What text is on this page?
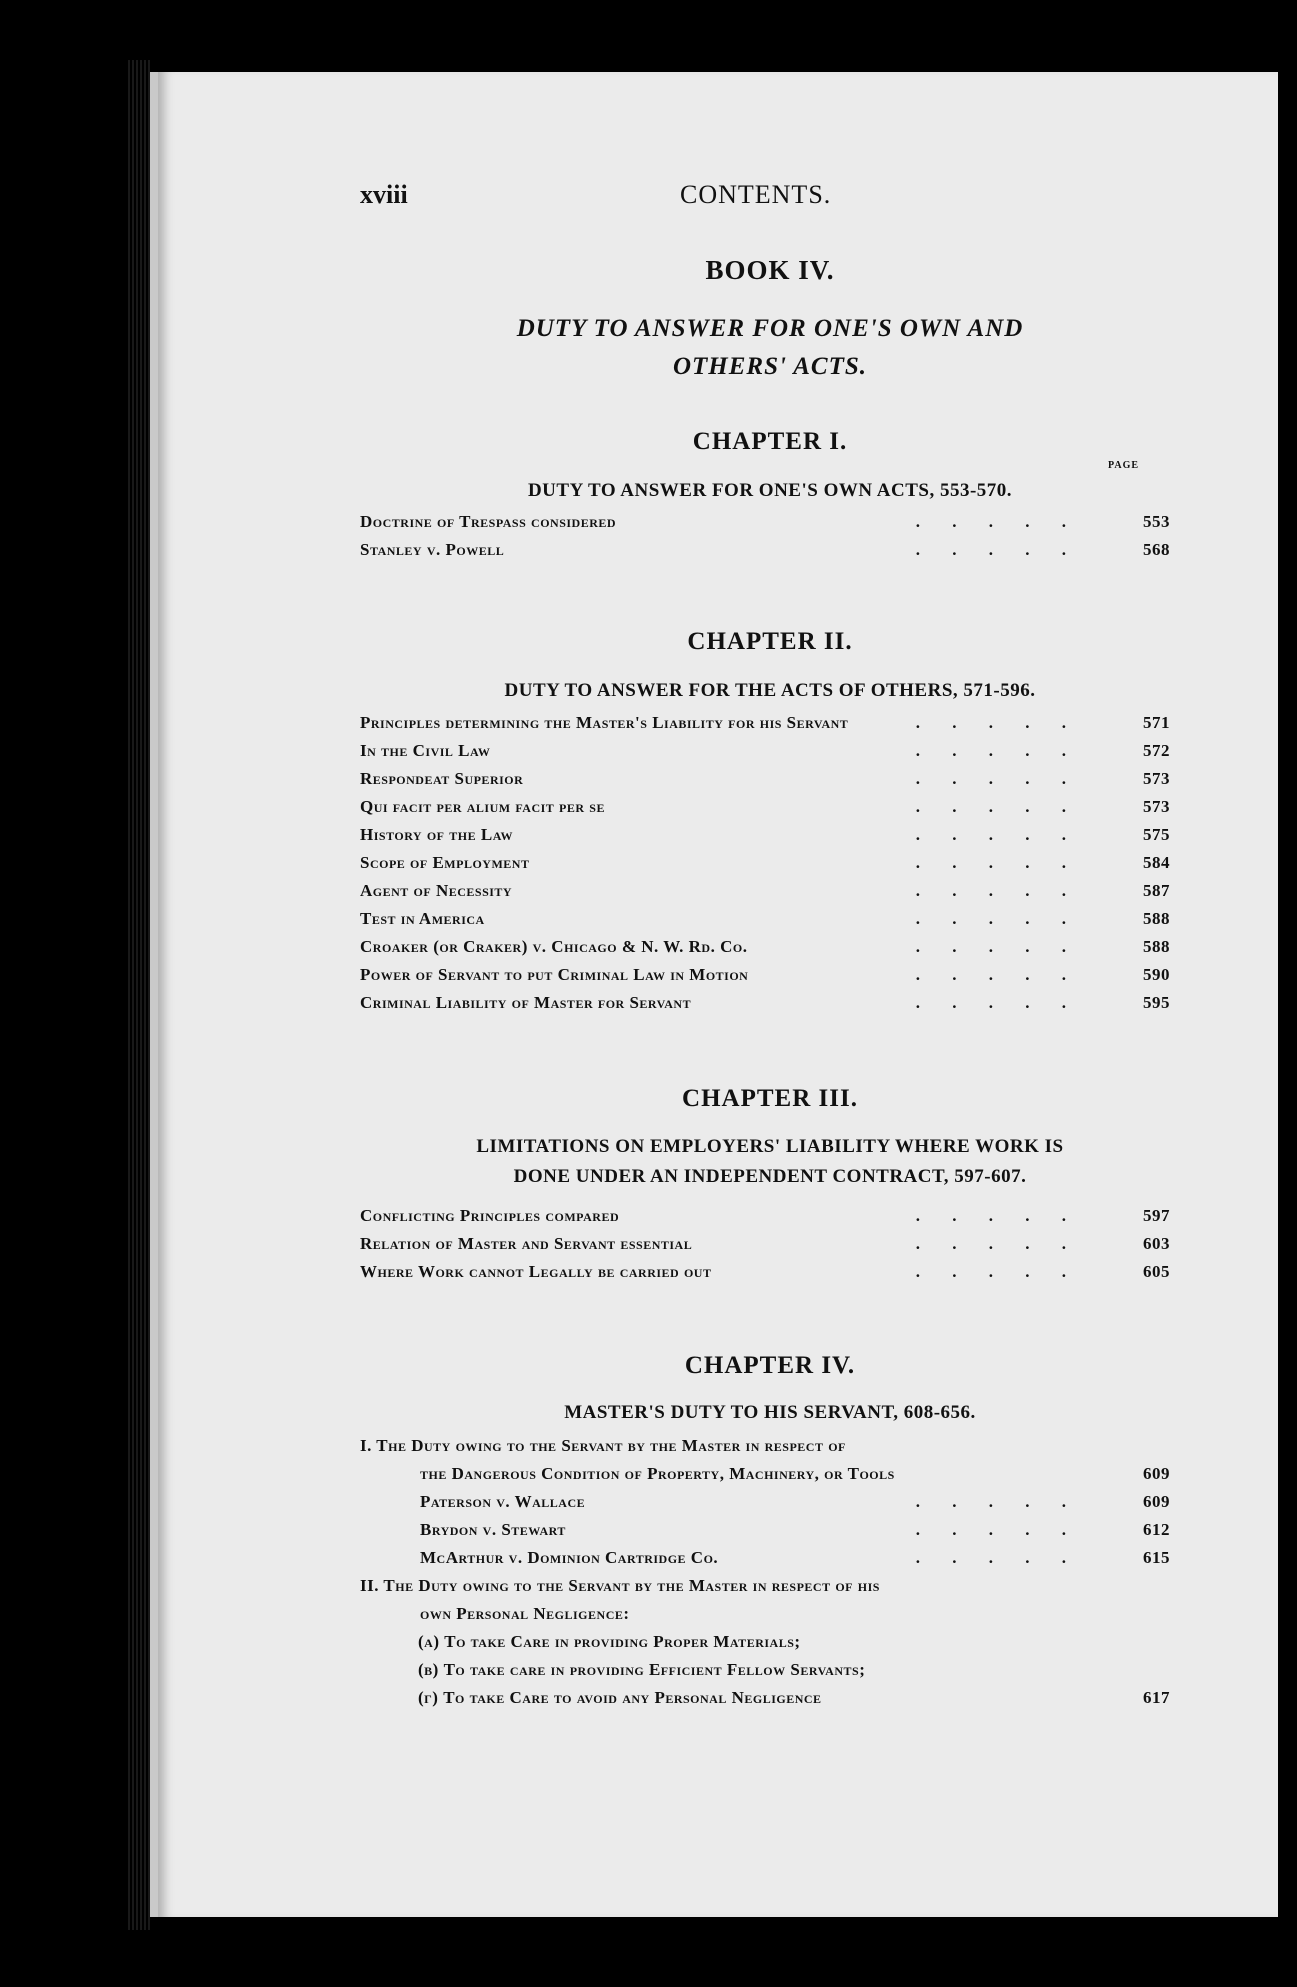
xviii	CONTENTS.
BOOK IV.
DUTY TO ANSWER FOR ONE'S OWN AND
OTHERS' ACTS.
PAGE
CHAPTER I.
DUTY TO ANSWER FOR ONE'S OWN ACTS, 553-570.
Doctrine of Trespass considered	. . . . .	553
Stanley v. Powell	. . . . .	568
CHAPTER II.
DUTY TO ANSWER FOR THE ACTS OF OTHERS, 571-596.
Principles determining the Master's Liability for his Servant	. . . . .	571
In the Civil Law	. . . . .	572
Respondeat Superior	. . . . .	573
Qui facit per alium facit per se	. . . . .	573
History of the Law	. . . . .	575
Scope of Employment	. . . . .	584
Agent of Necessity	. . . . .	587
Test in America	. . . . .	588
Croaker (or Craker) v. Chicago & N. W. Rd. Co.	. . . . .	588
Power of Servant to put Criminal Law in Motion	. . . . .	590
Criminal Liability of Master for Servant	. . . . .	595
CHAPTER III.
LIMITATIONS ON EMPLOYERS' LIABILITY WHERE WORK IS
DONE UNDER AN INDEPENDENT CONTRACT, 597-607.
Conflicting Principles compared	. . . . .	597
Relation of Master and Servant essential	. . . . .	603
Where Work cannot Legally be carried out	. . . . .	605
CHAPTER IV.
MASTER'S DUTY TO HIS SERVANT, 608-656.
I. The Duty owing to the Servant by the Master in respect of
the Dangerous Condition of Property, Machinery, or Tools	609
Paterson v. Wallace	. . . . .	609
Brydon v. Stewart	. . . . .	612
McArthur v. Dominion Cartridge Co.	. . . . .	615
II. The Duty owing to the Servant by the Master in respect of his
own Personal Negligence:
(α) To take Care in providing Proper Materials;
(β) To take care in providing Efficient Fellow Servants;
(γ) To take Care to avoid any Personal Negligence	617
